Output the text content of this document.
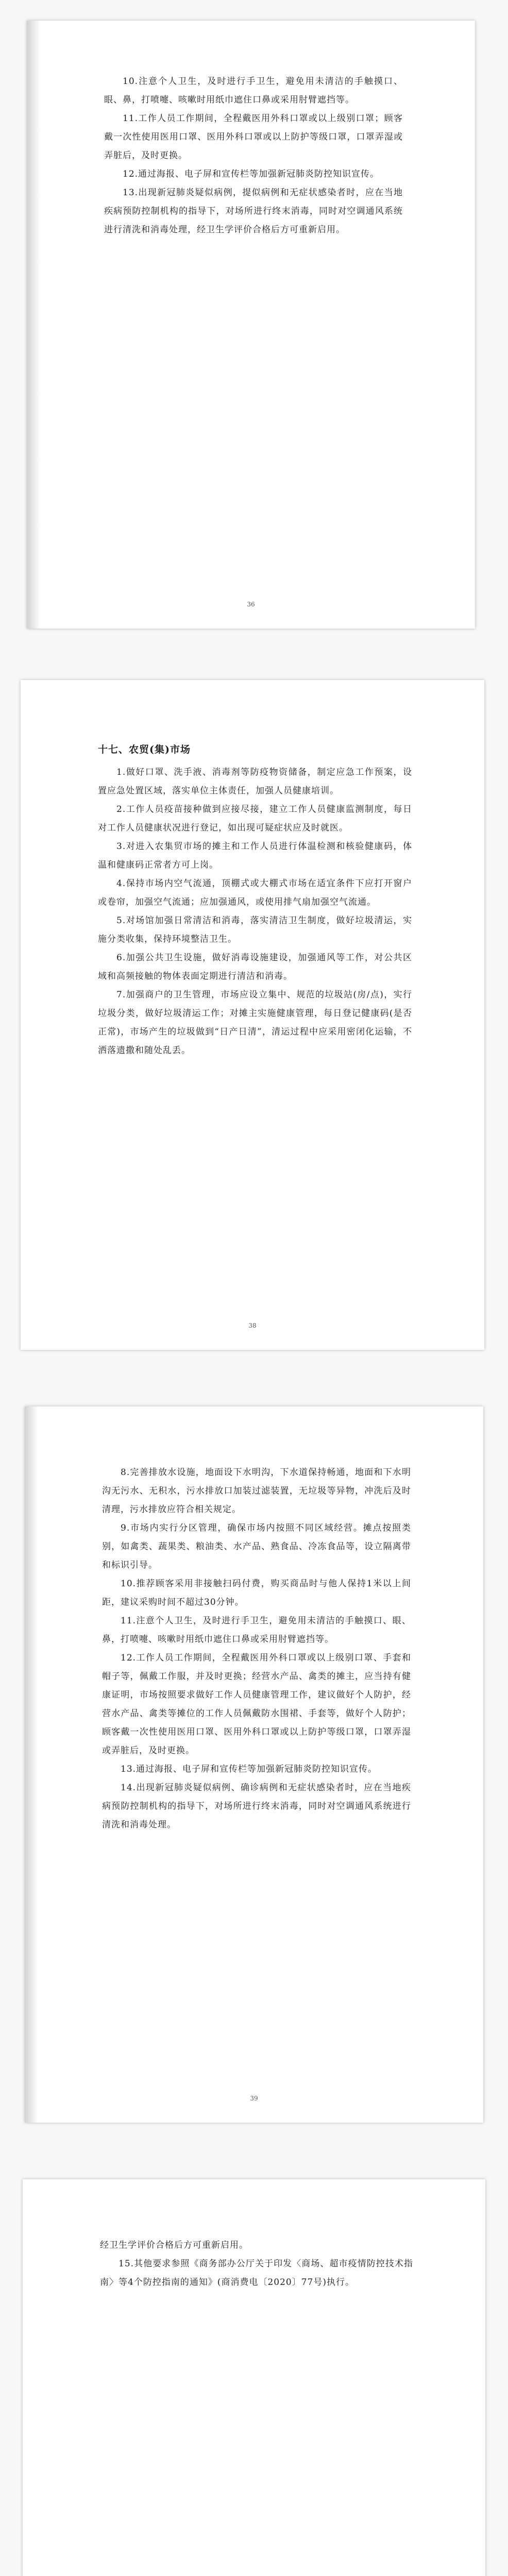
10.注意个人卫生，及时进行手卫生，避免用未清洁的手触摸口、眼、鼻，打喷嚏、咳嗽时用纸巾遮住口鼻或采用肘臂遮挡等。

11.工作人员工作期间，全程戴医用外科口罩或以上级别口罩；顾客戴一次性使用医用口罩、医用外科口罩或以上防护等级口罩，口罩弄湿或弄脏后，及时更换。

12.通过海报、电子屏和宣传栏等加强新冠肺炎防控知识宣传。

13.出现新冠肺炎疑似病例，提似病例和无症状感染者时，应在当地疾病预防控制机构的指导下，对场所进行终末消毒，同时对空调通风系统进行清洗和消毒处理，经卫生学评价合格后方可重新启用。

36
十七、农贸(集)市场

1.做好口罩、洗手液、消毒剂等防疫物资储备，制定应急工作预案，设置应急处置区域，落实单位主体责任，加强人员健康培训。

2.工作人员疫苗接种做到应接尽接，建立工作人员健康监测制度，每日对工作人员健康状况进行登记，如出现可疑症状应及时就医。

3.对进入农集贸市场的摊主和工作人员进行体温检测和核验健康码，体温和健康码正常者方可上岗。

4.保持市场内空气流通，顶棚式或大棚式市场在适宜条件下应打开窗户或卷帘，加强空气流通；应加强通风，或使用排气扇加强空气流通。

5.对场馆加强日常清洁和消毒，落实清洁卫生制度，做好垃圾清运，实施分类收集，保持环境整洁卫生。

6.加强公共卫生设施，做好消毒设施建设，加强通风等工作，对公共区域和高频接触的物体表面定期进行清洁和消毒。

7.加强商户的卫生管理，市场应设立集中、规范的垃圾站(房/点)，实行垃圾分类，做好垃圾清运工作；对摊主实施健康管理，每日登记健康码(是否正常)，市场产生的垃圾做到“日产日清”，清运过程中应采用密闭化运输，不洒落遗撒和随处乱丢。

38

8.完善排放水设施，地面设下水明沟，下水道保持畅通，地面和下水明沟无污水、无积水，污水排放口加装过滤装置，无垃圾等异物，冲洗后及时清理，污水排放应符合相关规定。

9.市场内实行分区管理，确保市场内按照不同区域经营。摊点按照类别，如禽类、蔬果类、粮油类、水产品、熟食品、冷冻食品等，设立隔离带和标识引导。

10.推荐顾客采用非接触扫码付费，购买商品时与他人保持1米以上间距，建议采购时间不超过30分钟。

11.注意个人卫生，及时进行手卫生，避免用未清洁的手触摸口、眼、鼻，打喷嚏、咳嗽时用纸巾遮住口鼻或采用肘臂遮挡等。

12.工作人员工作期间，全程戴医用外科口罩或以上级别口罩、手套和帽子等，佩戴工作服，并及时更换；经营水产品、禽类的摊主，应当持有健康证明，市场按照要求做好工作人员健康管理工作，建议做好个人防护，经营水产品、禽类等摊位的工作人员佩戴防水围裙、手套等，做好个人防护；顾客戴一次性使用医用口罩、医用外科口罩或以上防护等级口罩，口罩弄湿或弄脏后，及时更换。

13.通过海报、电子屏和宣传栏等加强新冠肺炎防控知识宣传。

14.出现新冠肺炎疑似病例、确诊病例和无症状感染者时，应在当地疾病预防控制机构的指导下，对场所进行终末消毒，同时对空调通风系统进行清洗和消毒处理。

39

经卫生学评价合格后方可重新启用。

15.其他要求参照《商务部办公厅关于印发〈商场、超市疫情防控技术指南〉等4个防控指南的通知》(商消费电〔2020〕77号)执行。
